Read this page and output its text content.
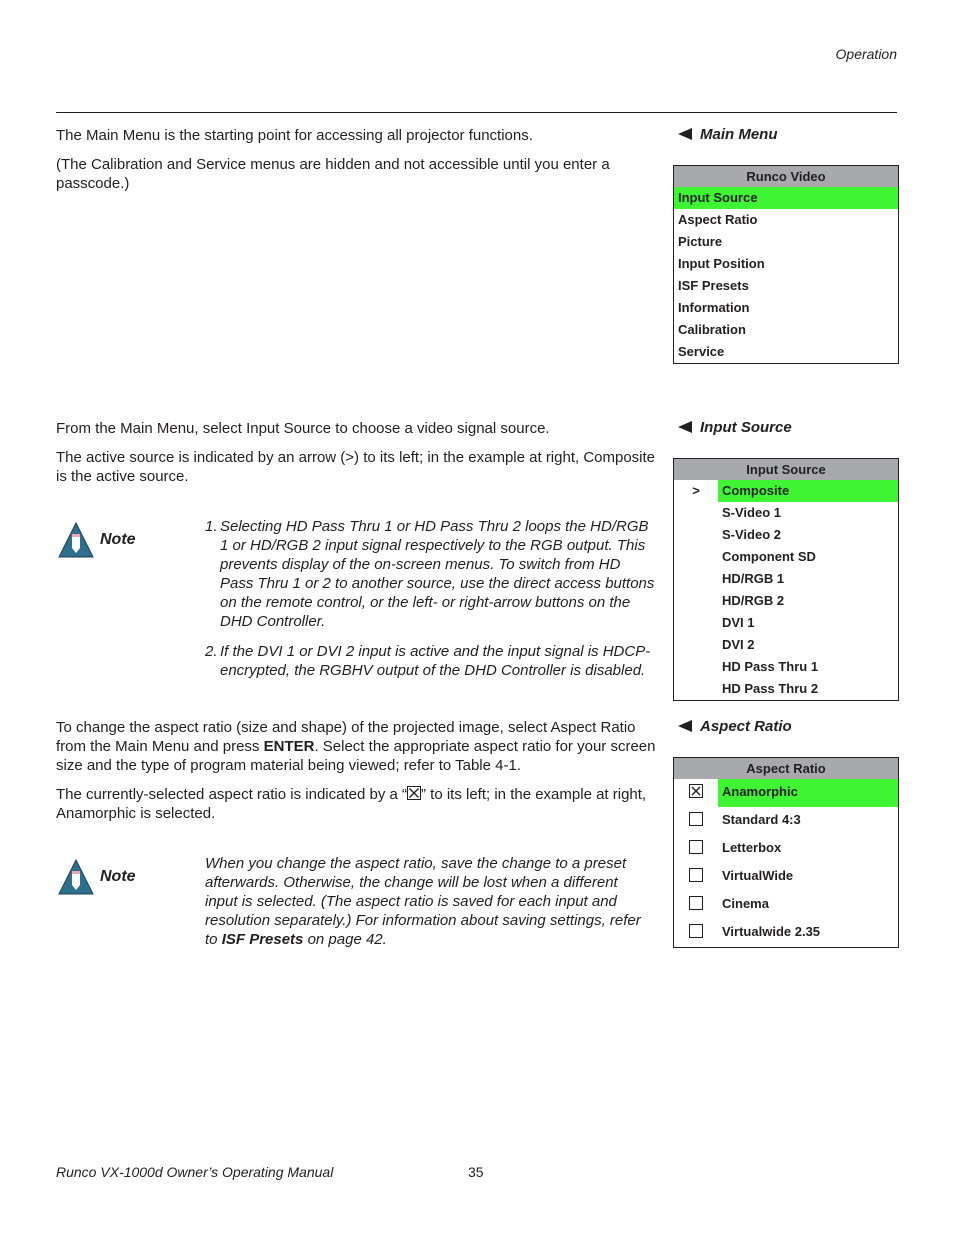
Operation

The Main Menu is the starting point for accessing all projector functions.

(The Calibration and Service menus are hidden and not accessible until you enter a passcode.)

Main Menu
Runco Video
Input Source
Aspect Ratio
Picture
Input Position
ISF Presets
Information
Calibration
Service

From the Main Menu, select Input Source to choose a video signal source.

The active source is indicated by an arrow (>) to its left; in the example at right, Composite is the active source.

Input Source
Input Source
>	Composite
S-Video 1
S-Video 2
Component SD
HD/RGB 1
HD/RGB 2
DVI 1
DVI 2
HD Pass Thru 1
HD Pass Thru 2
Note
1. Selecting HD Pass Thru 1 or HD Pass Thru 2 loops the HD/RGB 1 or HD/RGB 2 input signal respectively to the RGB output. This prevents display of the on-screen menus. To switch from HD Pass Thru 1 or 2 to another source, use the direct access buttons on the remote control, or the left- or right-arrow buttons on the DHD Controller.
2. If the DVI 1 or DVI 2 input is active and the input signal is HDCP-encrypted, the RGBHV output of the DHD Controller is disabled.

To change the aspect ratio (size and shape) of the projected image, select Aspect Ratio from the Main Menu and press ENTER. Select the appropriate aspect ratio for your screen size and the type of program material being viewed; refer to Table 4-1.

The currently-selected aspect ratio is indicated by a “ ” to its left; in the example at right, Anamorphic is selected.

Aspect Ratio
Aspect Ratio
Anamorphic
Standard 4:3
Letterbox
VirtualWide
Cinema
Virtualwide 2.35
Note

When you change the aspect ratio, save the change to a preset afterwards. Otherwise, the change will be lost when a different input is selected. (The aspect ratio is saved for each input and resolution separately.) For information about saving settings, refer to ISF Presets on page 42.

Runco VX-1000d Owner’s Operating Manual	35
